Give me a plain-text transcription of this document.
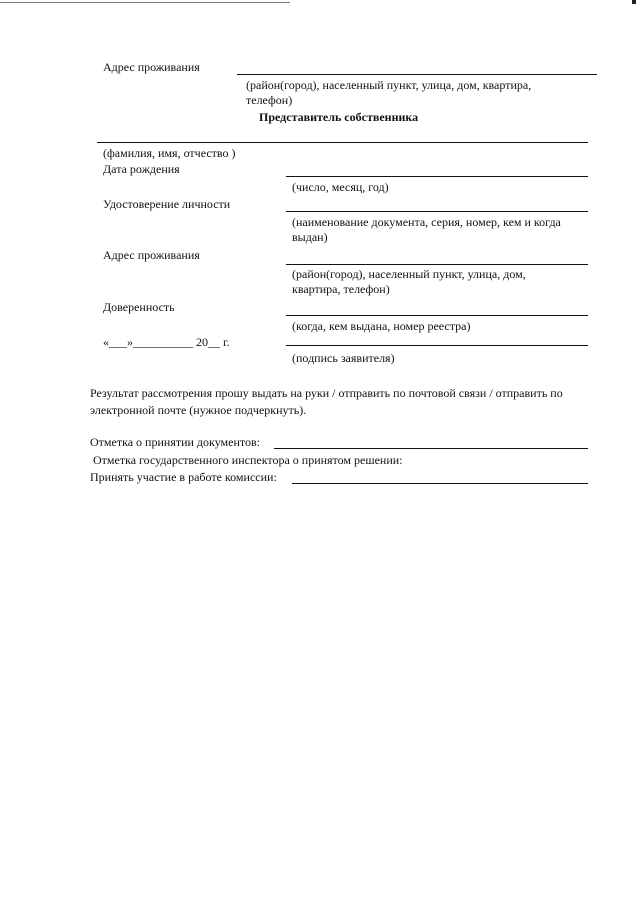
Адрес проживания
(район(город), населенный пункт, улица, дом, квартира, телефон)
Представитель собственника
(фамилия, имя, отчество )
Дата рождения
(число, месяц, год)
Удостоверение личности
(наименование документа, серия, номер, кем и когда выдан)
Адрес проживания
(район(город), населенный пункт, улица, дом, квартира, телефон)
Доверенность
(когда, кем выдана, номер реестра)
«___»__________ 20__ г.
(подпись заявителя)
Результат рассмотрения прошу выдать на руки / отправить по почтовой связи / отправить по электронной почте (нужное подчеркнуть).
Отметка о принятии документов:
Отметка государственного инспектора о принятом решении:
Принять участие в работе комиссии:
